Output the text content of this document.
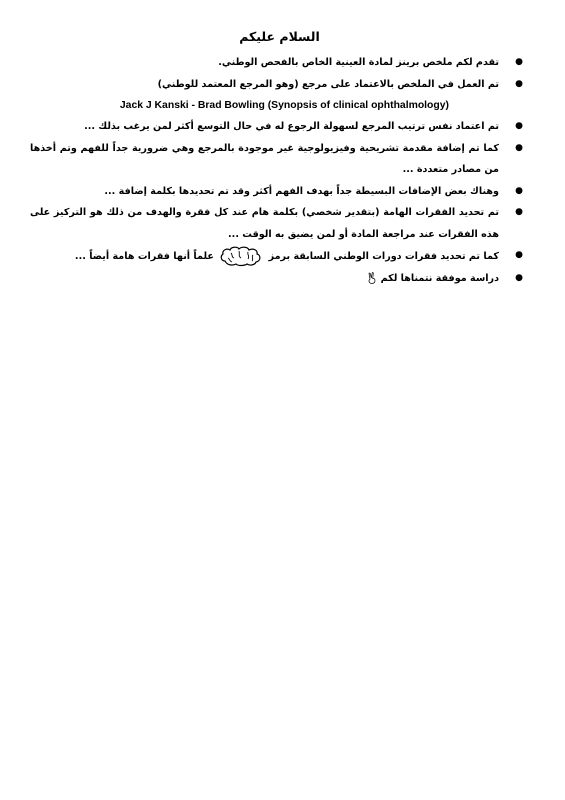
السلام عليكم
●
تقدم لكم ملخص برينز لمادة العينية الخاص بالفحص الوطني.
●
تم العمل في الملخص بالاعتماد على مرجع (وهو المرجع المعتمد للوطني)
Jack J Kanski - Brad Bowling (Synopsis of clinical ophthalmology)
●
تم اعتماد نفس ترتيب المرجع لسهولة الرجوع له في حال التوسع أكثر لمن يرغب بذلك ...
●
كما تم إضافة مقدمة تشريحية وفيزيولوجية غير موجودة بالمرجع وهي ضرورية جداً للفهم وتم أخذها من مصادر متعددة ...
●
وهناك بعض الإضافات البسيطة جداً بهدف الفهم أكثر وقد تم تحديدها بكلمة إضافة ...
●
تم تحديد الفقرات الهامة (بتقدير شخصي) بكلمة هام عند كل فقرة والهدف من ذلك هو التركيز على هذه الفقرات عند مراجعة المادة أو لمن يضيق به الوقت ...
●
كما تم تحديد فقرات دورات الوطني السابقة برمز  علماً أنها فقرات هامة أيضاً ...
●
دراسة موفقة نتمناها لكم
